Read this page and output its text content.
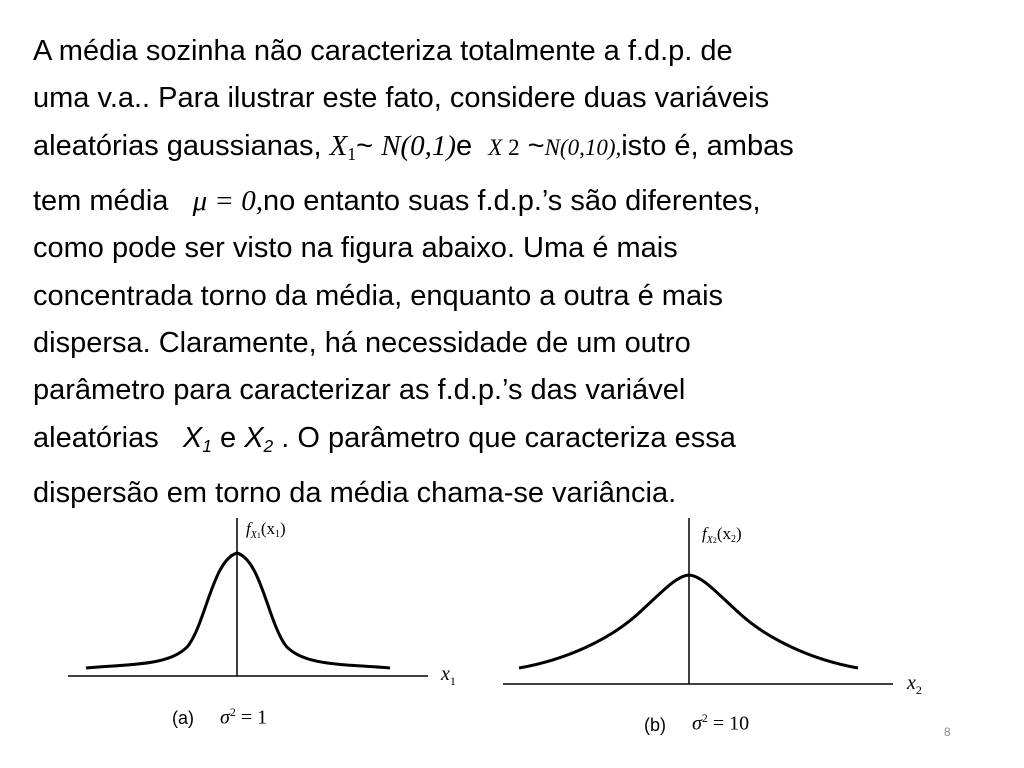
A média sozinha não caracteriza totalmente a f.d.p. de
uma v.a.. Para ilustrar este fato, considere duas variáveis
aleatórias gaussianas, $X_1\sim$ N(0,1)e X 2 ~N(0,10),isto é, ambas
tem média μ = 0,no entanto suas f.d.p.’s são diferentes,
como pode ser visto na figura abaixo. Uma é mais
concentrada torno da média, enquanto a outra é mais
dispersa. Claramente, há necessidade de um outro
parâmetro para caracterizar as f.d.p.’s das variável
aleatórias $X_1$ e $X_2$ . O parâmetro que caracteriza essa
dispersão em torno da média chama-se variância.
$f_{X1}(x1)$
$x_1$
(a) $\sigma^2 = 1$
$f_{X2}(x2)$
$x_2$
(b) $\sigma^2 = 10$	8
